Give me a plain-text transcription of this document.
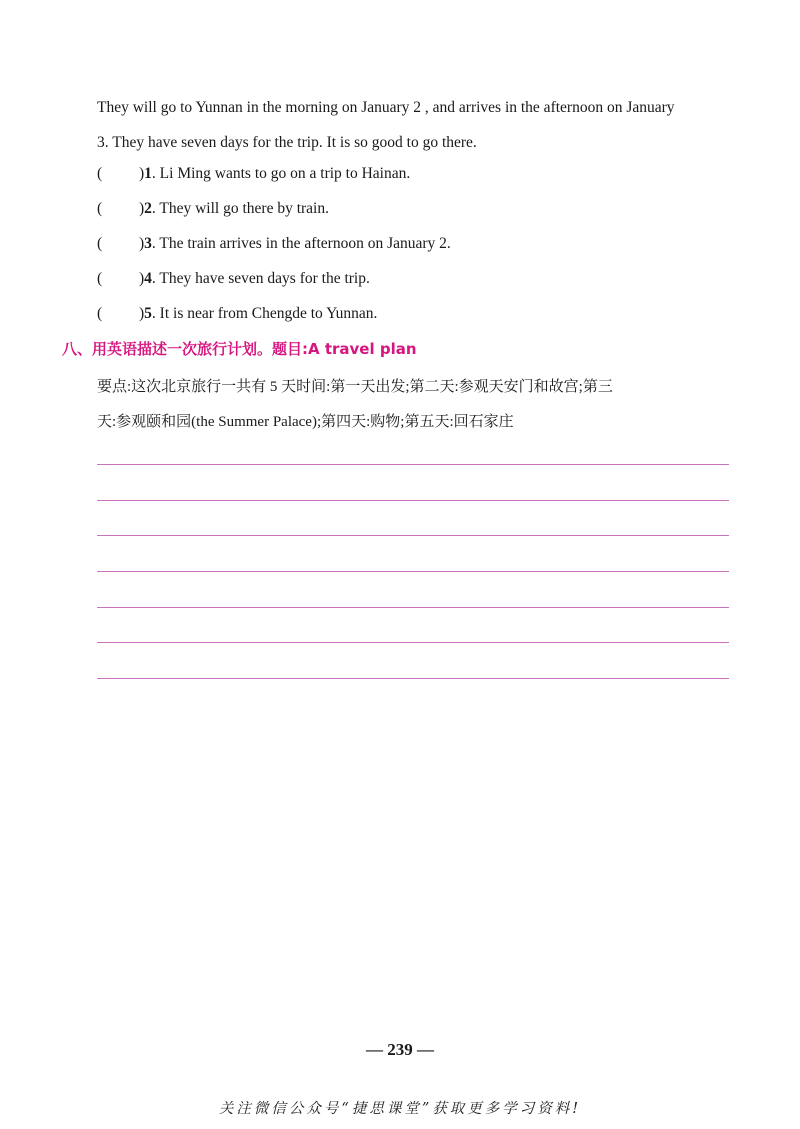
They will go to Yunnan in the morning on January 2 , and arrives in the afternoon on January

3. They have seven days for the trip. It is so good to go there.

( )1. Li Ming wants to go on a trip to Hainan.
( )2. They will go there by train.
( )3. The train arrives in the afternoon on January 2.
( )4. They have seven days for the trip.
( )5. It is near from Chengde to Yunnan.
八、用英语描述一次旅行计划。题目:A travel plan
要点:这次北京旅行一共有 5 天时间:第一天出发;第二天:参观天安门和故宫;第三
天:参观颐和园(the Summer Palace);第四天:购物;第五天:回石家庄
— 239 —
关注微信公众号“捷思课堂”获取更多学习资料!
